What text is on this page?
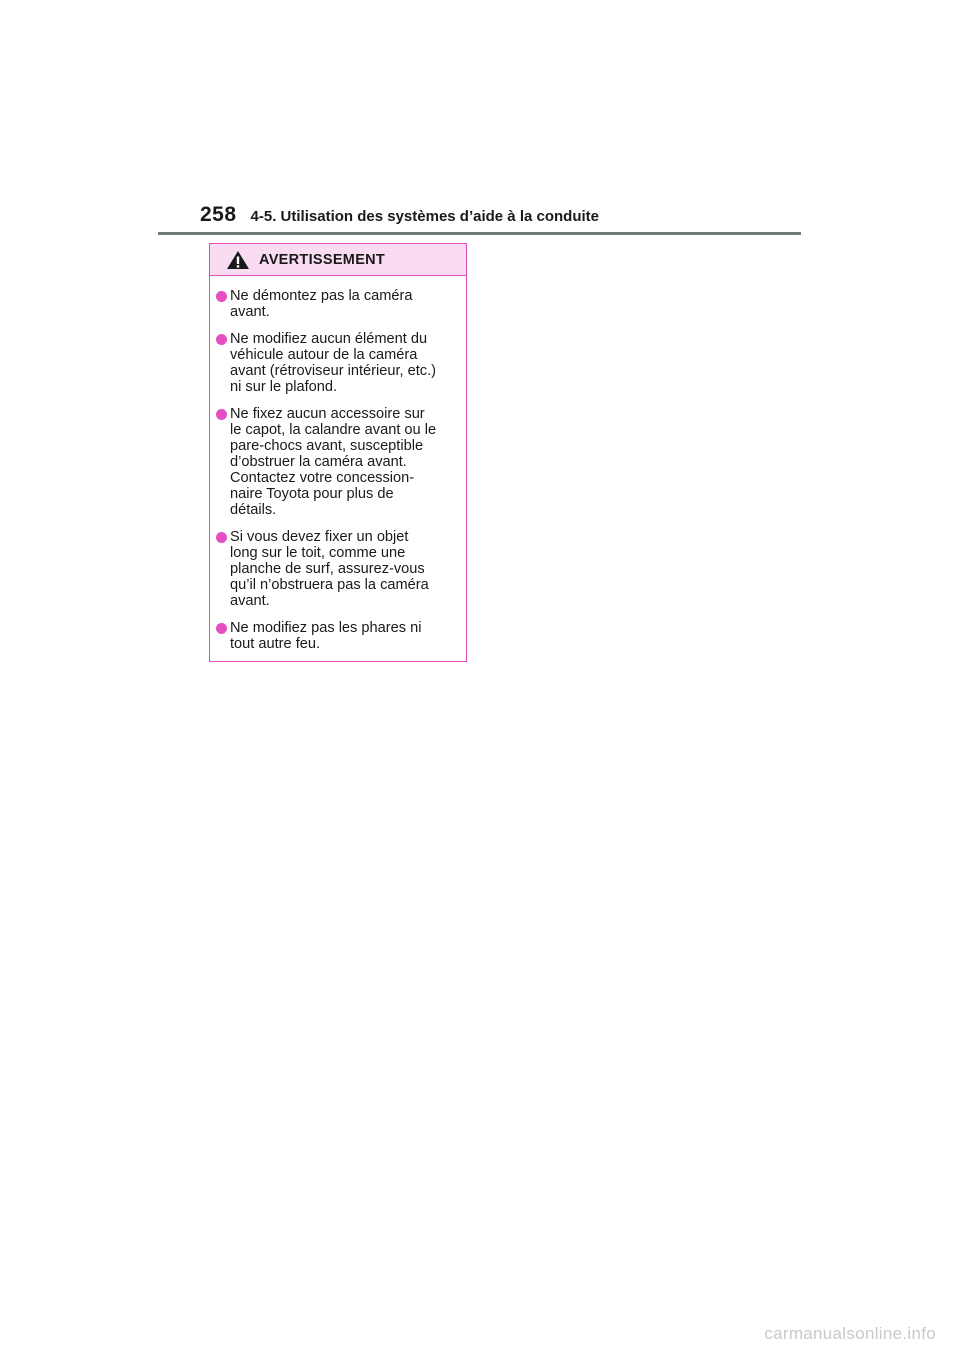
258 4-5. Utilisation des systèmes d’aide à la conduite
AVERTISSEMENT
Ne démontez pas la caméra
avant.
Ne modifiez aucun élément du
véhicule autour de la caméra
avant (rétroviseur intérieur, etc.)
ni sur le plafond.
Ne fixez aucun accessoire sur
le capot, la calandre avant ou le
pare-chocs avant, susceptible
d’obstruer la caméra avant.
Contactez votre concession-
naire Toyota pour plus de
détails.
Si vous devez fixer un objet
long sur le toit, comme une
planche de surf, assurez-vous
qu’il n’obstruera pas la caméra
avant.
Ne modifiez pas les phares ni
tout autre feu.
carmanualsonline.info
